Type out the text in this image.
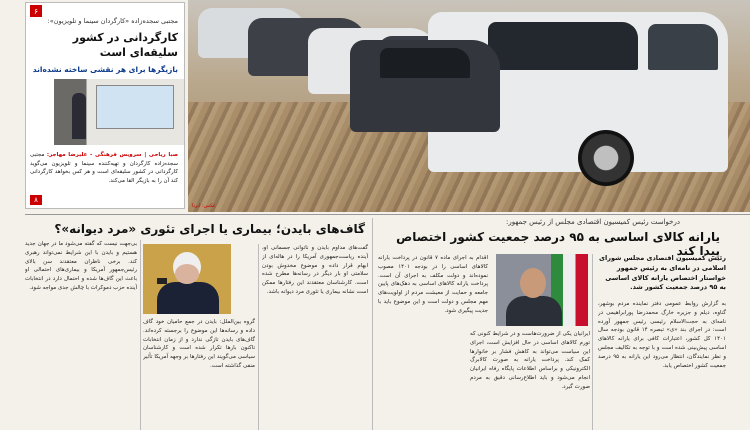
عکس: ایرنا
۶
مجتبی سجده‌زاده «کارگردان سینما و تلویزیون»:
کارگردانی در کشور سلیقه‌ای است
بازیگرها برای هر نقشی ساخته نشده‌اند
صبا ریاحی | سرویس فرهنگی - علیرضا مهاجر: مجتبی سجده‌زاده کارگردان و تهیه‌کننده سینما و تلویزیون می‌گوید کارگردانی در کشور سلیقه‌ای است و هر کس بخواهد کارگردانی کند آن را به بازیگر القا می‌کند.
۸
درخواست رئیس کمیسیون اقتصادی مجلس از رئیس جمهور:
یارانه کالای اساسی به ۹۵ درصد جمعیت کشور اختصاص پیدا کند
رئیس کمیسیون اقتصادی مجلس شورای اسلامی در نامه‌ای به رئیس جمهور خواستار اختصاص یارانه کالای اساسی به ۹۵ درصد جمعیت کشور شد.
به گزارش روابط عمومی دفتر نماینده مردم بوشهر، گناوه، دیلم و جزیره خارگ محمدرضا پورابراهیمی در نامه‌ای به حجت‌الاسلام رئیسی رئیس جمهور آورده است: در اجرای بند «ی» تبصره ۱۴ قانون بودجه سال ۱۴۰۱ کل کشور، اعتبارات کافی برای یارانه کالاهای اساسی پیش‌بینی شده است و با توجه به تکالیف مجلس و نظر نمایندگان، انتظار می‌رود این یارانه به ۹۵ درصد جمعیت کشور اختصاص یابد.
ایرانیان یکی از ضرورت‌هاست و در شرایط کنونی که تورم کالاهای اساسی در حال افزایش است، اجرای این سیاست می‌تواند به کاهش فشار بر خانوارها کمک کند. پرداخت یارانه به صورت کالابرگ الکترونیکی و براساس اطلاعات پایگاه رفاه ایرانیان انجام می‌شود و باید اطلاع‌رسانی دقیق به مردم صورت گیرد.
اقدام به اجرای ماده ۷ قانون در پرداخت یارانه کالاهای اساسی را در بودجه ۱۴۰۱ مصوب نموده‌اند و دولت مکلف به اجرای آن است. پرداخت یارانه کالاهای اساسی به دهک‌های پایین جامعه و حمایت از معیشت مردم از اولویت‌های مهم مجلس و دولت است و این موضوع باید با جدیت پیگیری شود.
گاف‌های بایدن؛ بیماری یا اجرای تئوری «مرد دیوانه»؟
گفت‌های مداوم بایدن و ناتوانی جسمانی او، آینده ریاست‌جمهوری آمریکا را در هاله‌ای از ابهام قرار داده و موضوع مخدوش بودن سلامتی او بار دیگر در رسانه‌ها مطرح شده است. کارشناسان معتقدند این رفتارها ممکن است نشانه بیماری یا تئوری مرد دیوانه باشد.
گروه بین‌الملل: بایدن در جمع حامیان خود گاف داده و رسانه‌ها این موضوع را برجسته کرده‌اند. گاف‌های بایدن تازگی ندارد و از زمان انتخابات تاکنون بارها تکرار شده است و کارشناسان سیاسی می‌گویند این رفتارها بر وجهه آمریکا تأثیر منفی گذاشته است.
بی‌جهت نیست که گفته می‌شود ما در جهان جدید هستیم و بایدن با این شرایط نمی‌تواند رهبری کند. برخی ناظران معتقدند سن بالای رئیس‌جمهور آمریکا و بیماری‌های احتمالی او باعث این گاف‌ها شده و احتمال دارد در انتخابات آینده حزب دموکرات با چالش جدی مواجه شود.
